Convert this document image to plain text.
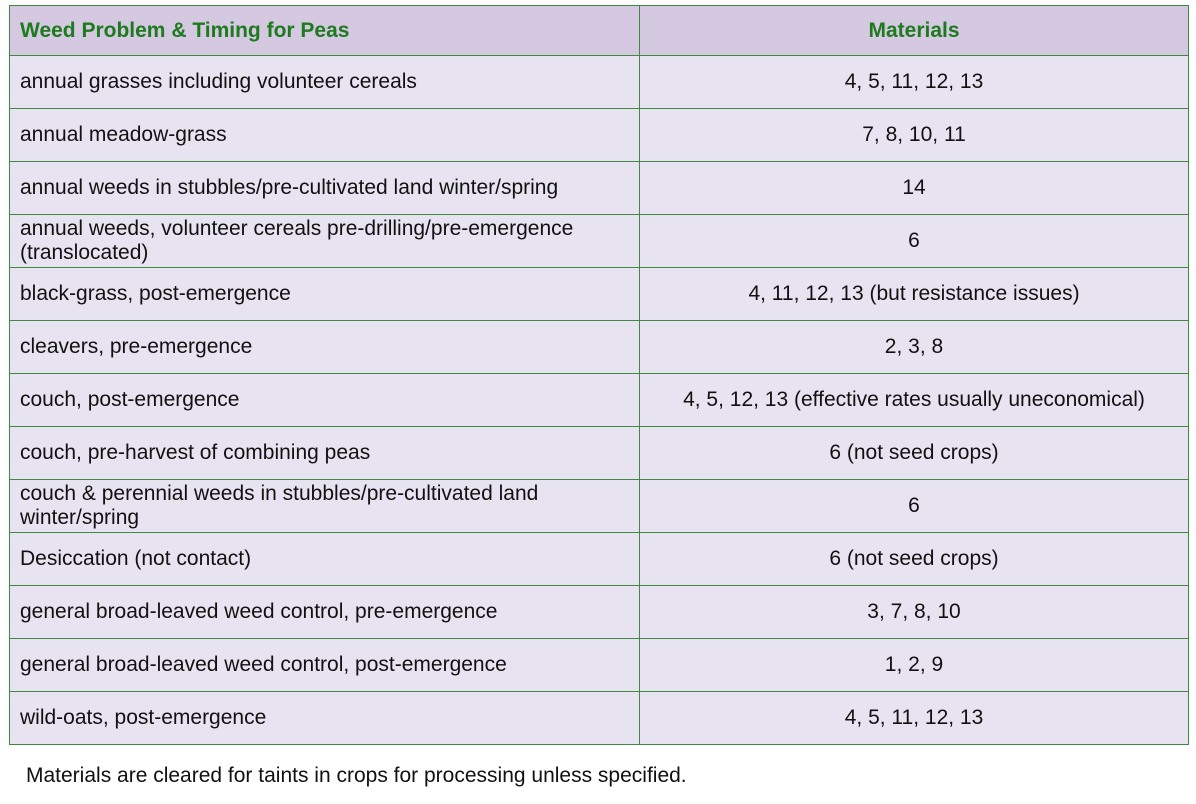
Weed Problem & Timing for Peas	Materials
annual grasses including volunteer cereals	4, 5, 11, 12, 13
annual meadow-grass	7, 8, 10, 11
annual weeds in stubbles/pre-cultivated land winter/spring	14
annual weeds, volunteer cereals pre-drilling/pre-emergence (translocated)	6
black-grass, post-emergence	4, 11, 12, 13 (but resistance issues)
cleavers, pre-emergence	2, 3, 8
couch, post-emergence	4, 5, 12, 13 (effective rates usually uneconomical)
couch, pre-harvest of combining peas	6 (not seed crops)
couch & perennial weeds in stubbles/pre-cultivated land winter/spring	6
Desiccation (not contact)	6 (not seed crops)
general broad-leaved weed control, pre-emergence	3, 7, 8, 10
general broad-leaved weed control, post-emergence	1, 2, 9
wild-oats, post-emergence	4, 5, 11, 12, 13
Materials are cleared for taints in crops for processing unless specified.
